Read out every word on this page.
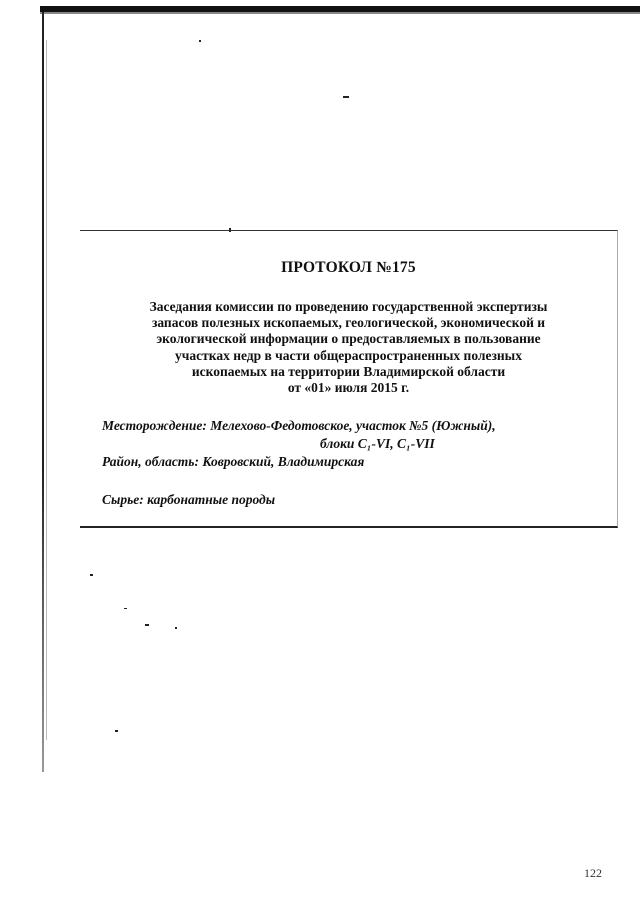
ПРОТОКОЛ №175
Заседания комиссии по проведению государственной экспертизы
запасов полезных ископаемых, геологической, экономической и
экологической информации о предоставляемых в пользование
участках недр в части общераспространенных полезных
ископаемых на территории Владимирской области
от «01» июля 2015 г.
Месторождение: Мелехово-Федотовское, участок №5 (Южный),
блоки C₁-VI, C₁-VII
Район, область: Ковровский, Владимирская
Сырье: карбонатные породы
122
